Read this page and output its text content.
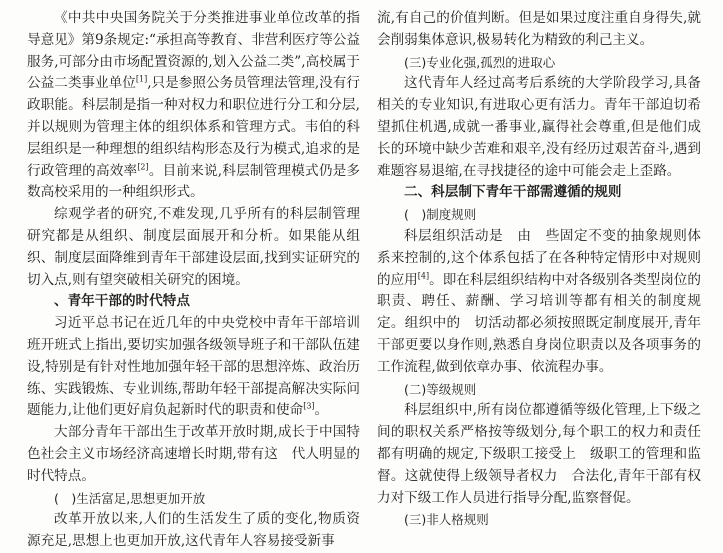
《中共中央国务院关于分类推进事业单位改革的指导意见》第9条规定:“承担高等教育、非营利医疗等公益服务,可部分由市场配置资源的,划入公益二类”,高校属于公益二类事业单位[1],只是参照公务员管理法管理,没有行政职能。科层制是指一种对权力和职位进行分工和分层,并以规则为管理主体的组织体系和管理方式。韦伯的科层组织是一种理想的组织结构形态及行为模式,追求的是行政管理的高效率[2]。目前来说,科层制管理模式仍是多数高校采用的一种组织形式。

综观学者的研究,不难发现,几乎所有的科层制管理研究都是从组织、制度层面展开和分析。如果能从组织、制度层面降维到青年干部建设层面,找到实证研究的切入点,则有望突破相关研究的困境。

、青年干部的时代特点

习近平总书记在近几年的中央党校中青年干部培训班开班式上指出,要切实加强各级领导班子和干部队伍建设,特别是有针对性地加强年轻干部的思想淬炼、政治历练、实践锻炼、专业训练,帮助年轻干部提高解决实际问题能力,让他们更好肩负起新时代的职责和使命[3]。

大部分青年干部出生于改革开放时期,成长于中国特色社会主义市场经济高速增长时期,带有这　代人明显的时代特点。

(　)生活富足,思想更加开放

改革开放以来,人们的生活发生了质的变化,物质资源充足,思想上也更加开放,这代青年人容易接受新事

流,有自己的价值判断。但是如果过度注重自身得失,就会削弱集体意识,极易转化为精致的利己主义。

(三)专业化强,孤烈的进取心

这代青年人经过高考后系统的大学阶段学习,具备相关的专业知识,有进取心更有活力。青年干部迫切希望抓住机遇,成就一番事业,赢得社会尊重,但是他们成长的环境中缺少苦难和艰辛,没有经历过艰苦奋斗,遇到难题容易退缩,在寻找捷径的途中可能会走上歪路。

二、科层制下青年干部需遵循的规则

(　)制度规则

科层组织活动是　由　些固定不变的抽象规则体系来控制的,这个体系包括了在各种特定情形中对规则的应用[4]。即在科层组织结构中对各级别各类型岗位的职责、聘任、薪酬、学习培训等都有相关的制度规定。组织中的　切活动都必须按照既定制度展开,青年干部更要以身作则,熟悉自身岗位职责以及各项事务的工作流程,做到依章办事、依流程办事。

(二)等级规则

科层组织中,所有岗位都遵循等级化管理,上下级之间的职权关系严格按等级划分,每个职工的权力和责任都有明确的规定,下级职工接受上　级职工的管理和监督。这就使得上级领导者权力　合法化,青年干部有权力对下级工作人员进行指导分配,监察督促。

(三)非人格规则
